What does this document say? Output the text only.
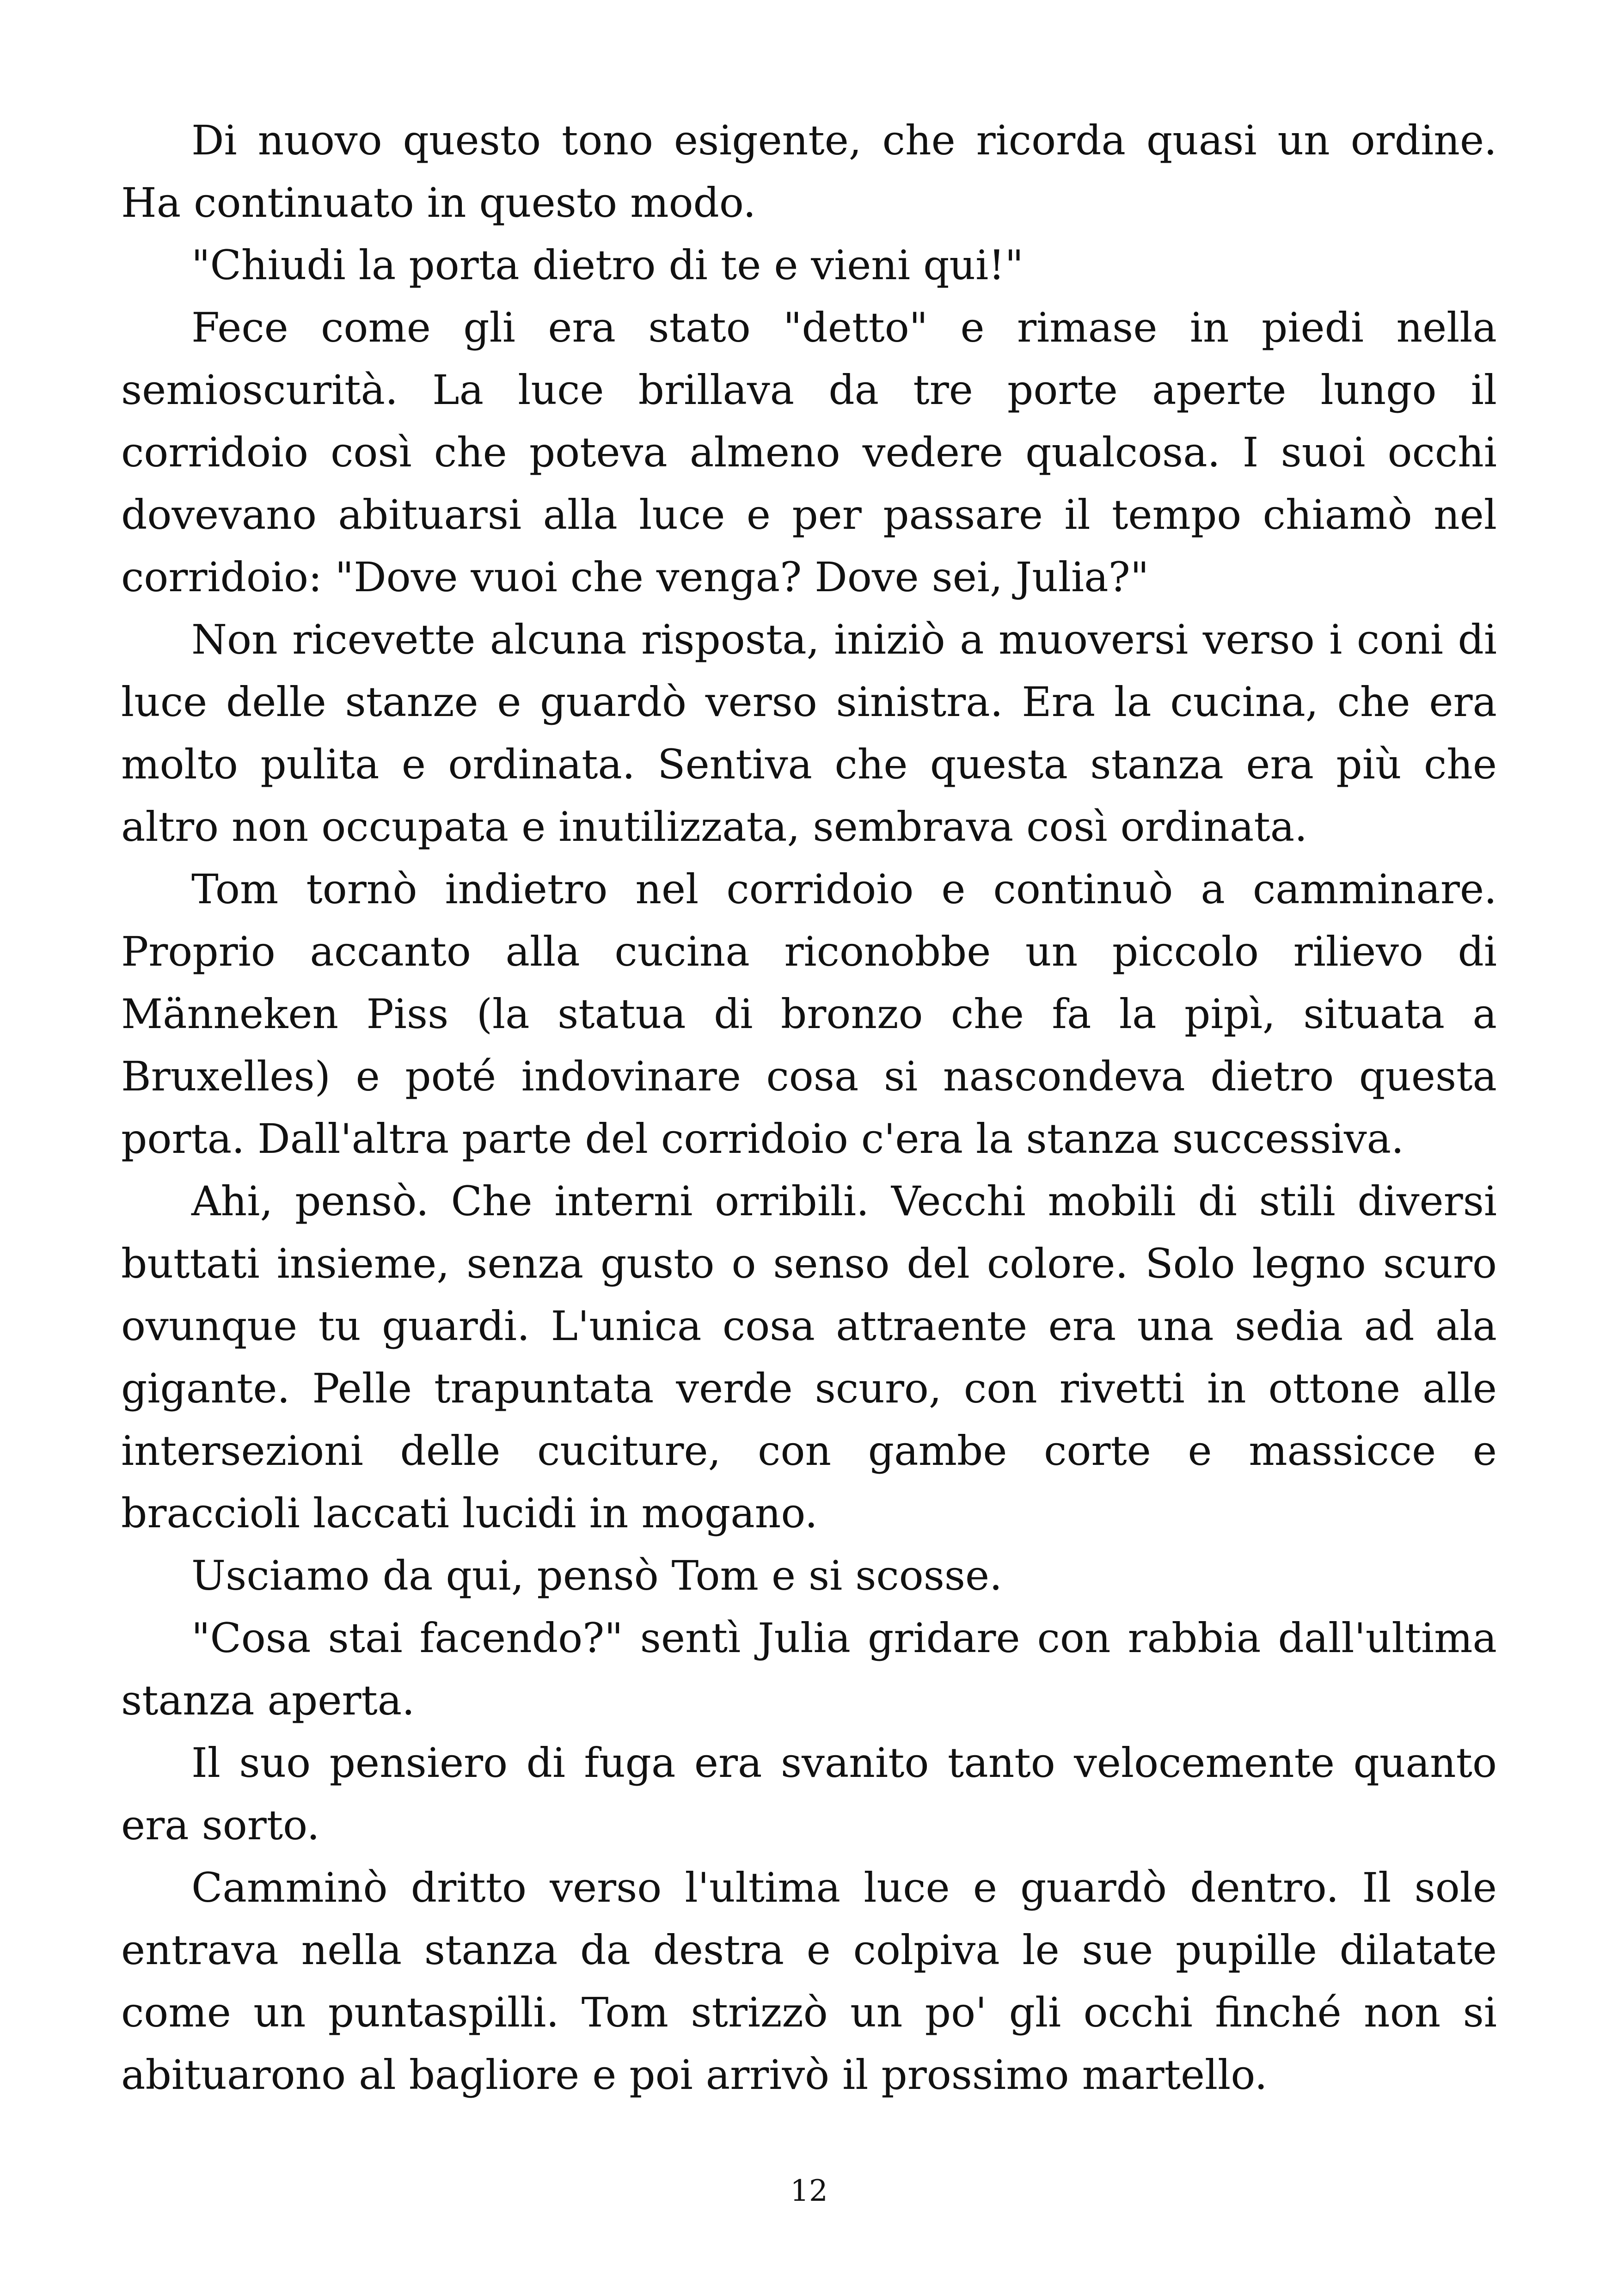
Di nuovo questo tono esigente, che ricorda quasi un ordine. Ha continuato in questo modo.

"Chiudi la porta dietro di te e vieni qui!"

Fece come gli era stato "detto" e rimase in piedi nella semioscurità. La luce brillava da tre porte aperte lungo il corridoio così che poteva almeno vedere qualcosa. I suoi occhi dovevano abituarsi alla luce e per passare il tempo chiamò nel corridoio: "Dove vuoi che venga? Dove sei, Julia?"

Non ricevette alcuna risposta, iniziò a muoversi verso i coni di luce delle stanze e guardò verso sinistra. Era la cucina, che era molto pulita e ordinata. Sentiva che questa stanza era più che altro non occupata e inutilizzata, sembrava così ordinata.

Tom tornò indietro nel corridoio e continuò a camminare. Proprio accanto alla cucina riconobbe un piccolo rilievo di Männeken Piss (la statua di bronzo che fa la pipì, situata a Bruxelles) e poté indovinare cosa si nascondeva dietro questa porta. Dall'altra parte del corridoio c'era la stanza successiva.

Ahi, pensò. Che interni orribili. Vecchi mobili di stili diversi buttati insieme, senza gusto o senso del colore. Solo legno scuro ovunque tu guardi. L'unica cosa attraente era una sedia ad ala gigante. Pelle trapuntata verde scuro, con rivetti in ottone alle intersezioni delle cuciture, con gambe corte e massicce e braccioli laccati lucidi in mogano.

Usciamo da qui, pensò Tom e si scosse.

"Cosa stai facendo?" sentì Julia gridare con rabbia dall'ultima stanza aperta.

Il suo pensiero di fuga era svanito tanto velocemente quanto era sorto.

Camminò dritto verso l'ultima luce e guardò dentro. Il sole entrava nella stanza da destra e colpiva le sue pupille dilatate come un puntaspilli. Tom strizzò un po' gli occhi finché non si abituarono al bagliore e poi arrivò il prossimo martello.

12
